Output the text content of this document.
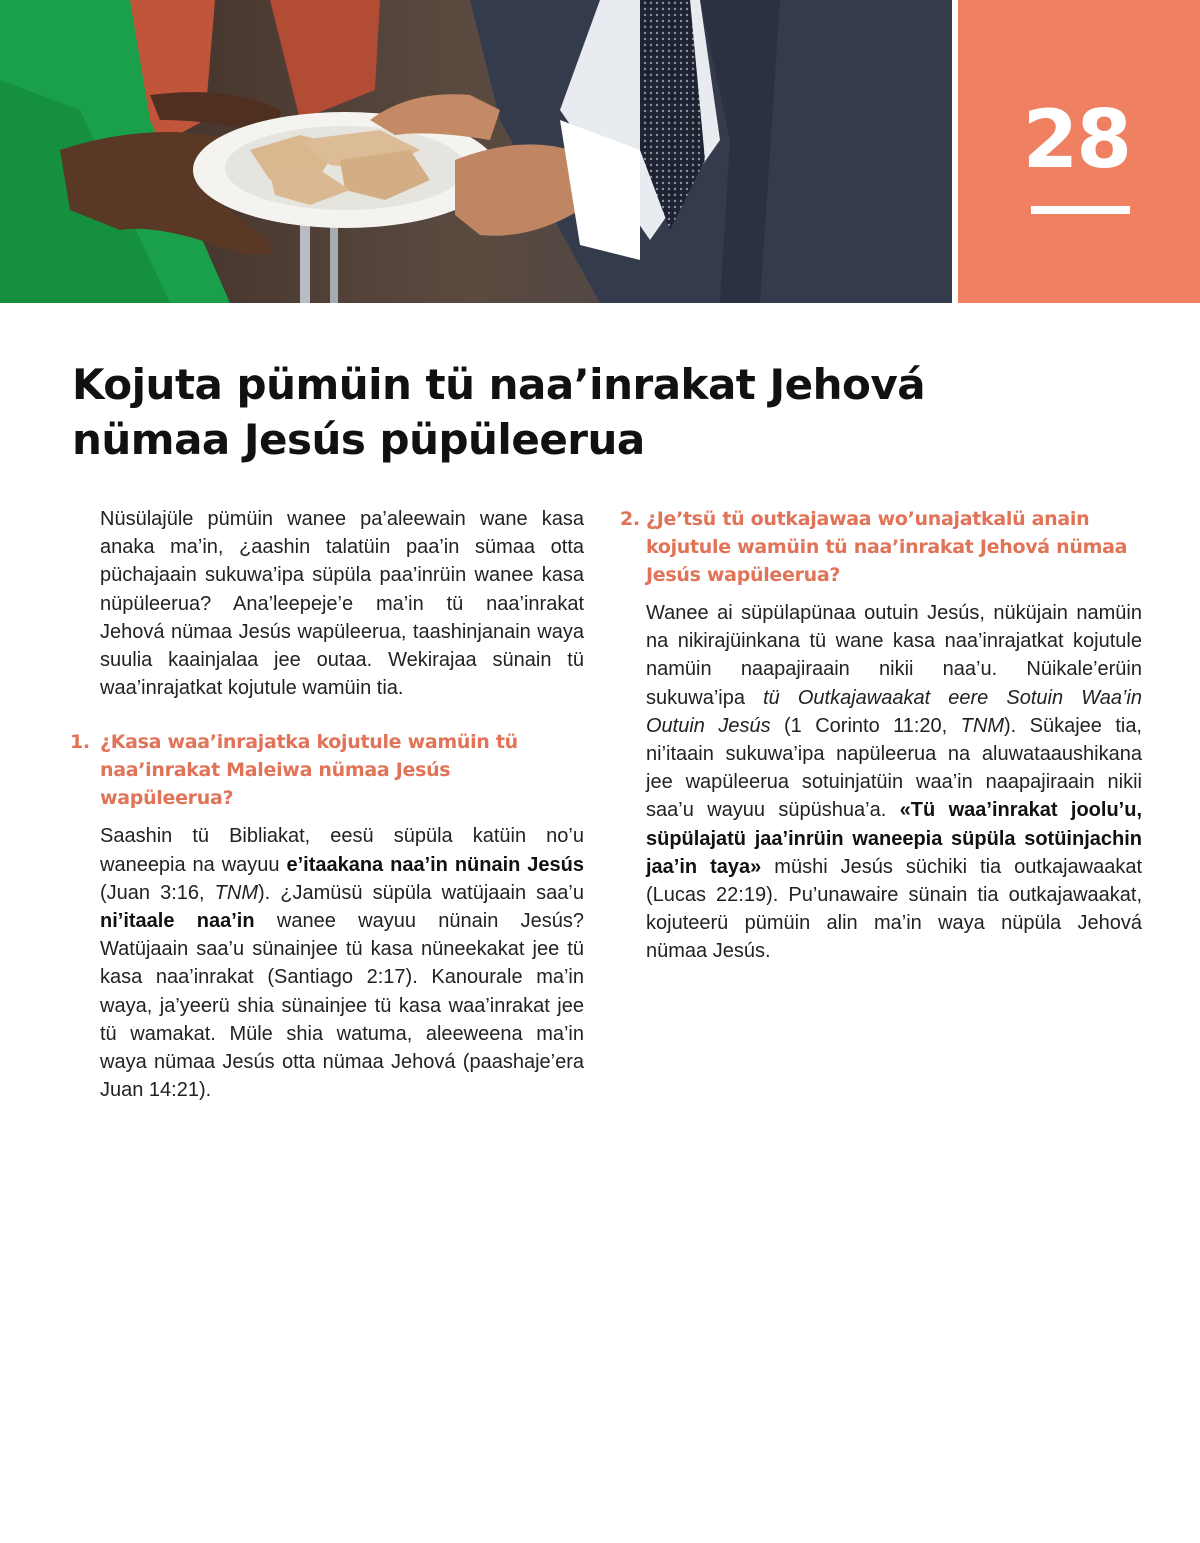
28
Kojuta pümüin tü naa’inrakat Jehová
nümaa Jesús püpüleerua

Nüsülajüle pümüin wanee pa’aleewain wane kasa anaka ma’in, ¿aashin talatüin paa’in sümaa otta püchajaain sukuwa’ipa süpüla paa’inrüin wanee kasa nüpüleerua? Ana’leepeje’e ma’in tü naa’inrakat Jehová nümaa Jesús wapüleerua, taashinjanain waya suulia kaainjalaa jee outaa. Wekirajaa sünain tü waa’inrajatkat kojutule wamüin tia.

1. ¿Kasa waa’inrajatka kojutule wamüin tü naa’inrakat Maleiwa nümaa Jesús wapüleerua?

Saashin tü Bibliakat, eesü süpüla katüin no’u waneepia na wayuu e’itaakana naa’in nünain Jesús (Juan 3:16, TNM). ¿Jamüsü süpüla watüjaain saa’u ni’itaale naa’in wanee wayuu nünain Jesús? Watüjaain saa’u sünainjee tü kasa nüneekakat jee tü kasa naa’inrakat (Santiago 2:17). Kanourale ma’in waya, ja’yeerü shia sünainjee tü kasa waa’inrakat jee tü wamakat. Müle shia watuma, aleeweena ma’in waya nümaa Jesús otta nümaa Jehová (paashaje’era Juan 14:21).

2. ¿Je’tsü tü outkajawaa wo’unajatkalü anain kojutule wamüin tü naa’inrakat Jehová nümaa Jesús wapüleerua?

Wanee ai süpülapünaa outuin Jesús, nüküjain namüin na nikirajüinkana tü wane kasa naa’inrajatkat kojutule namüin naapajiraain nikii naa’u. Nüikale’erüin sukuwa’ipa tü Outkajawaakat eere Sotuin Waa’in Outuin Jesús (1 Corinto 11:20, TNM). Sükajee tia, ni’itaain sukuwa’ipa napüleerua na aluwataaushikana jee wapüleerua sotuinjatüin waa’in naapajiraain nikii saa’u wayuu süpüshua’a. «Tü waa’inrakat joolu’u, süpülajatü jaa’inrüin waneepia süpüla sotüinjachin jaa’in taya» müshi Jesús süchiki tia outkajawaakat (Lucas 22:19). Pu’unawaire sünain tia outkajawaakat, kojuteerü pümüin alin ma’in waya nüpüla Jehová nümaa Jesús.
